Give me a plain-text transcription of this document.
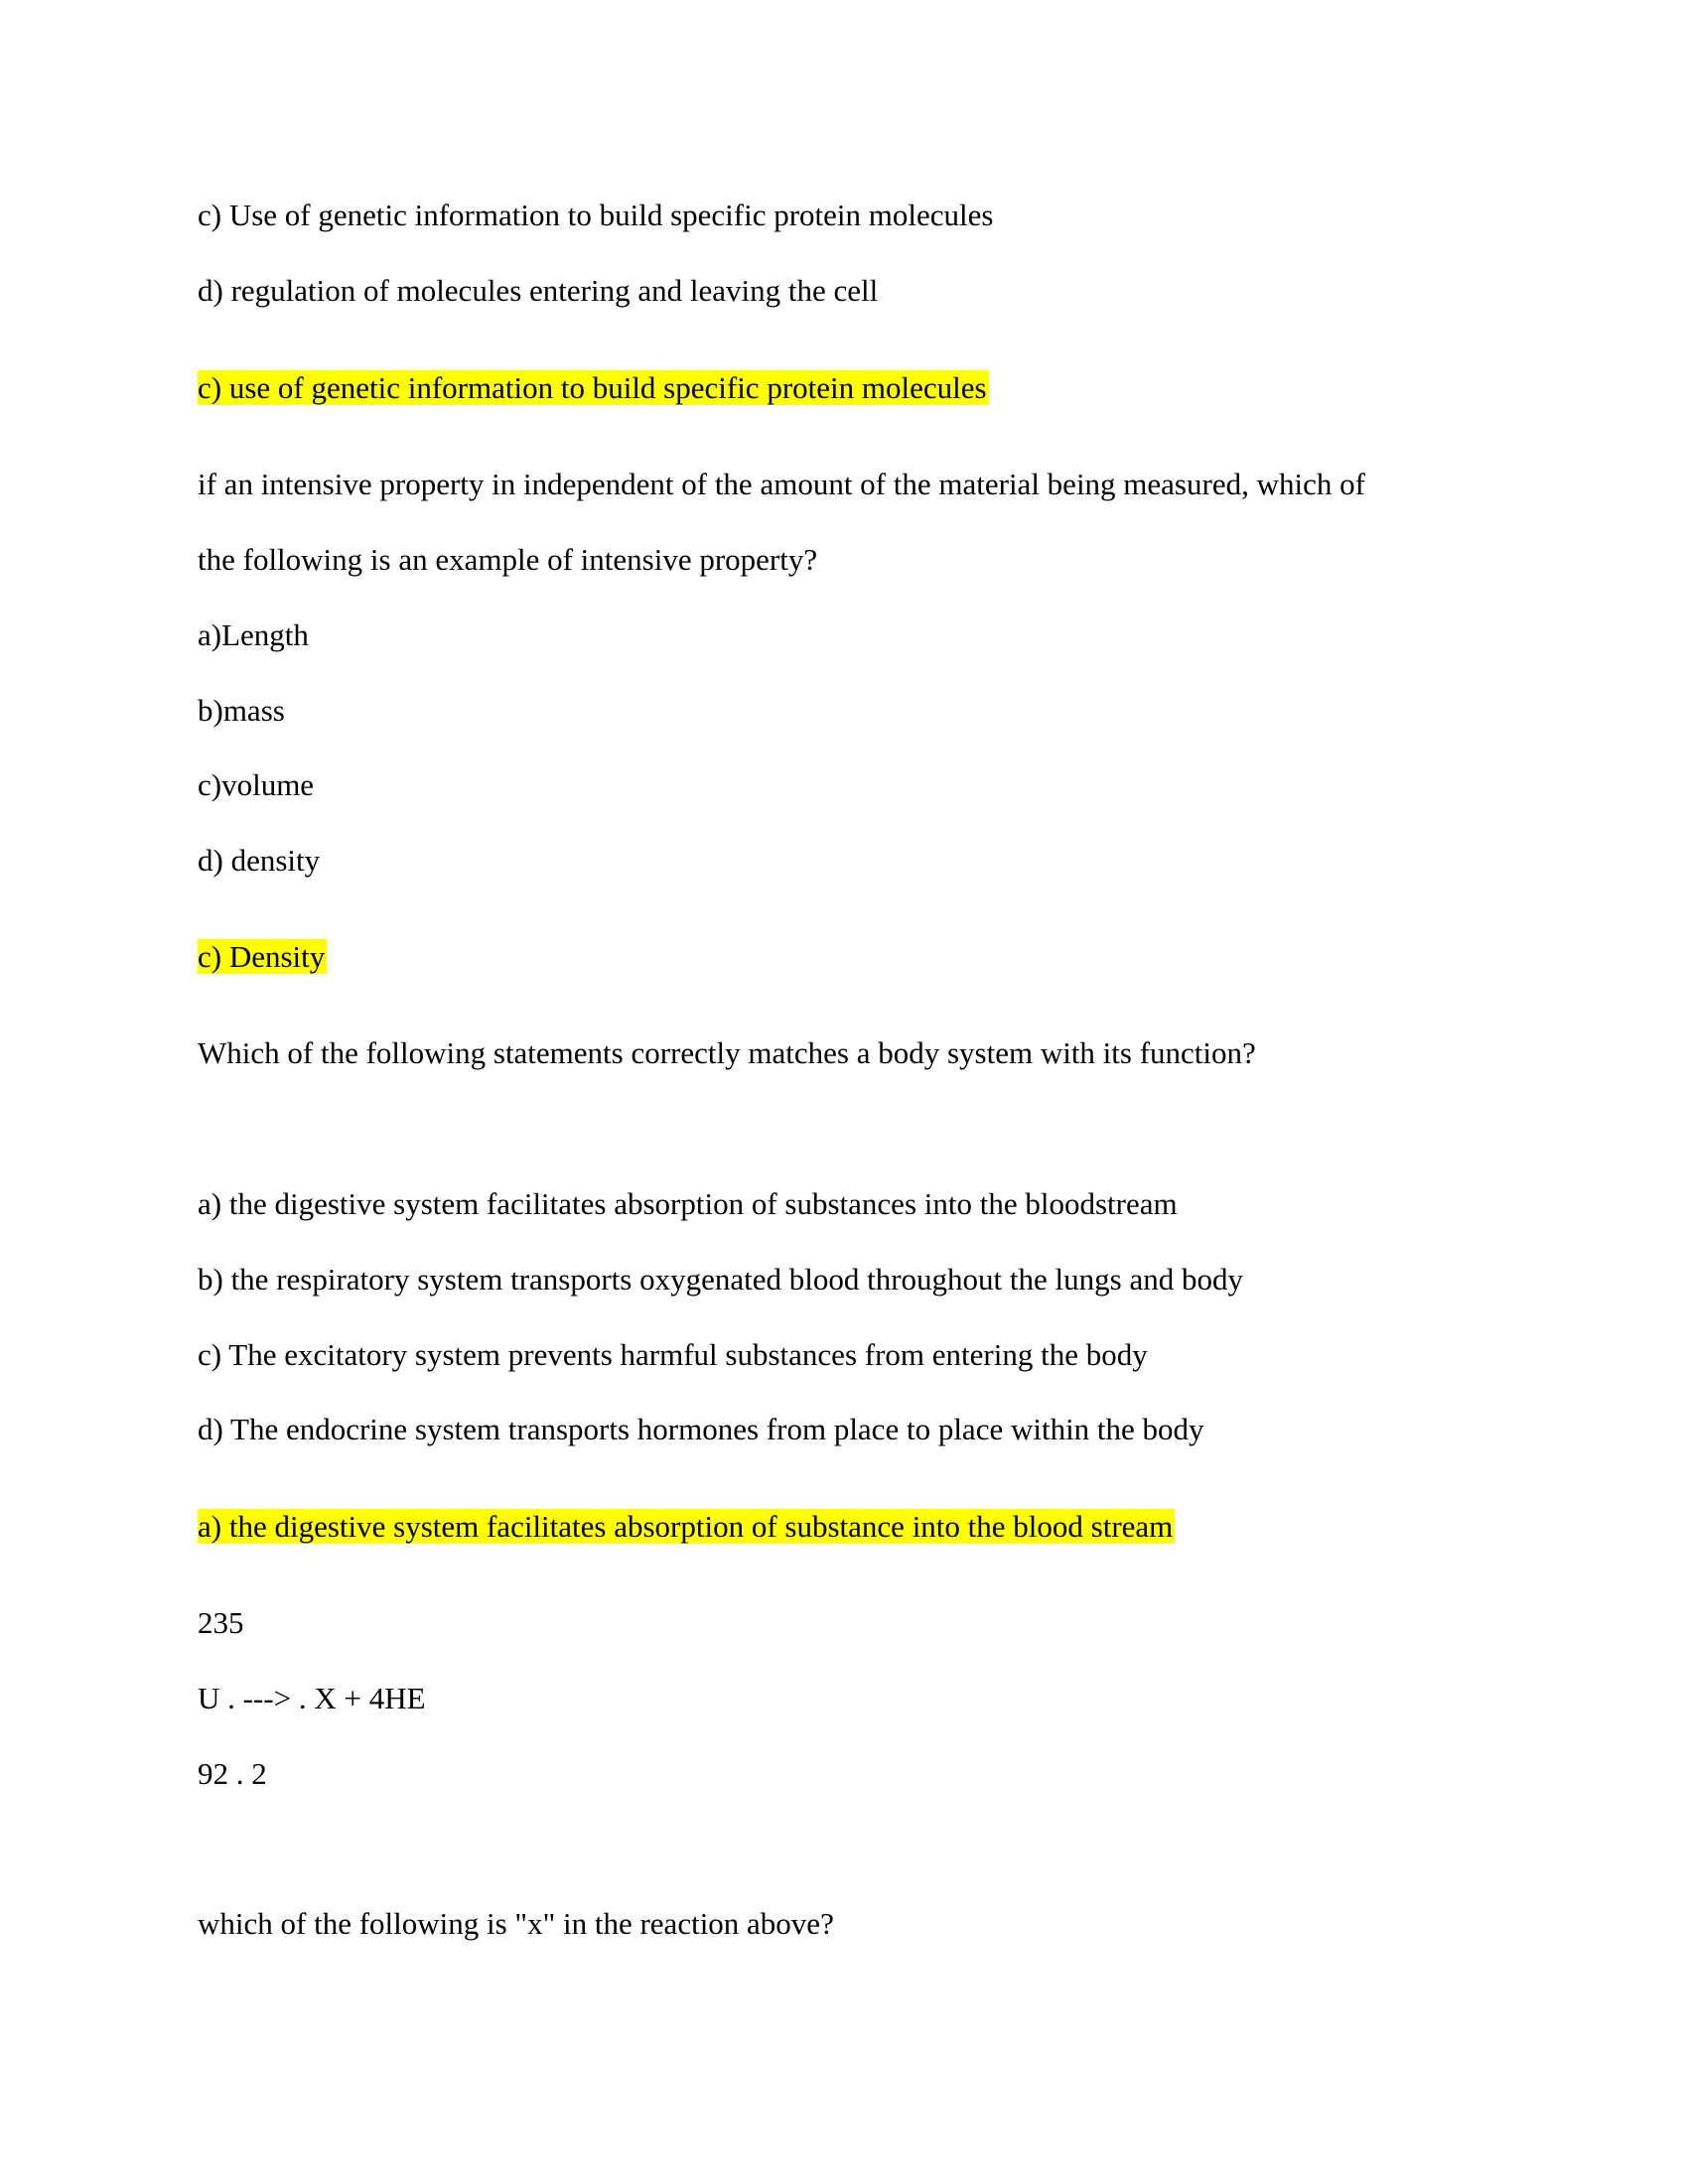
c) Use of genetic information to build specific protein molecules
d) regulation of molecules entering and leaving the cell
c) use of genetic information to build specific protein molecules
if an intensive property in independent of the amount of the material being measured, which of
the following is an example of intensive property?
a)Length
b)mass
c)volume
d) density
c) Density
Which of the following statements correctly matches a body system with its function?
a) the digestive system facilitates absorption of substances into the bloodstream
b) the respiratory system transports oxygenated blood throughout the lungs and body
c) The excitatory system prevents harmful substances from entering the body
d) The endocrine system transports hormones from place to place within the body
a) the digestive system facilitates absorption of substance into the blood stream
235
U . ---> . X + 4HE
92 . 2
which of the following is "x" in the reaction above?
